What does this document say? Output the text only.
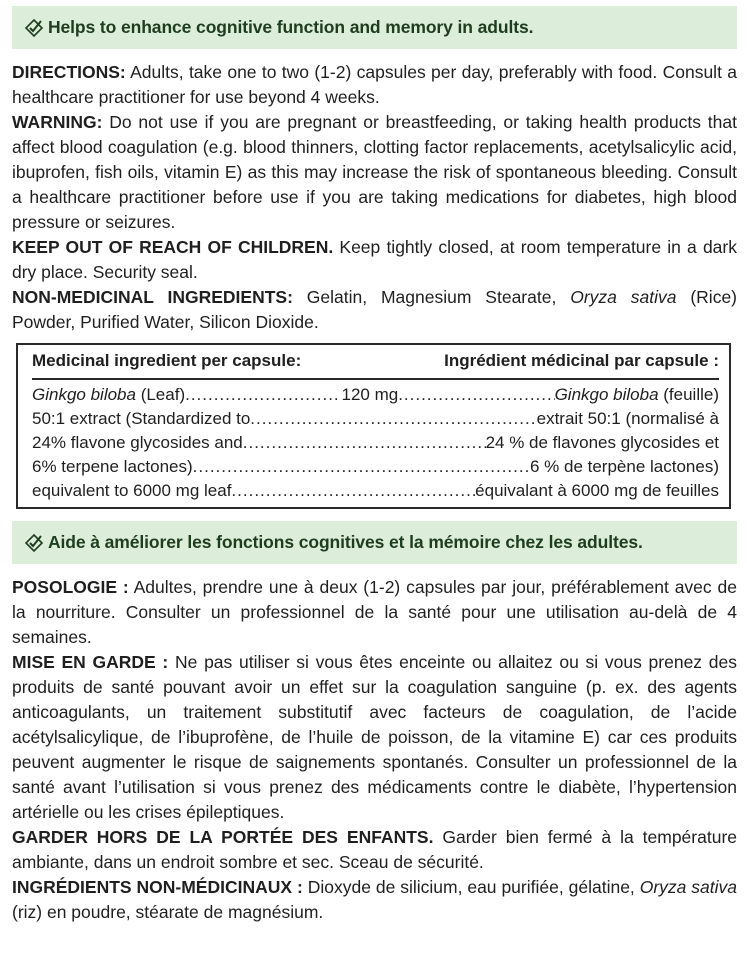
Helps to enhance cognitive function and memory in adults.

DIRECTIONS: Adults, take one to two (1-2) capsules per day, preferably with food. Consult a healthcare practitioner for use beyond 4 weeks.

WARNING: Do not use if you are pregnant or breastfeeding, or taking health products that affect blood coagulation (e.g. blood thinners, clotting factor replacements, acetylsalicylic acid, ibuprofen, fish oils, vitamin E) as this may increase the risk of spontaneous bleeding. Consult a healthcare practitioner before use if you are taking medications for diabetes, high blood pressure or seizures.

KEEP OUT OF REACH OF CHILDREN. Keep tightly closed, at room temperature in a dark dry place. Security seal.

NON-MEDICINAL INGREDIENTS: Gelatin, Magnesium Stearate, Oryza sativa (Rice) Powder, Purified Water, Silicon Dioxide.

Medicinal ingredient per capsule:	Ingrédient médicinal par capsule :
Ginkgo biloba (Leaf) .....	120 mg .....	Ginkgo biloba (feuille)
50:1 extract (Standardized to .....	extrait 50:1 (normalisé à
24% flavone glycosides and .....	24 % de flavones glycosides et
6% terpene lactones) .....	6 % de terpène lactones)
equivalent to 6000 mg leaf .....	équivalant à 6000 mg de feuilles
Aide à améliorer les fonctions cognitives et la mémoire chez les adultes.

POSOLOGIE : Adultes, prendre une à deux (1-2) capsules par jour, préférablement avec de la nourriture. Consulter un professionnel de la santé pour une utilisation au-delà de 4 semaines.

MISE EN GARDE : Ne pas utiliser si vous êtes enceinte ou allaitez ou si vous prenez des produits de santé pouvant avoir un effet sur la coagulation sanguine (p. ex. des agents anticoagulants, un traitement substitutif avec facteurs de coagulation, de l’acide acétylsalicylique, de l’ibuprofène, de l’huile de poisson, de la vitamine E) car ces produits peuvent augmenter le risque de saignements spontanés. Consulter un professionnel de la santé avant l’utilisation si vous prenez des médicaments contre le diabète, l’hypertension artérielle ou les crises épileptiques.

GARDER HORS DE LA PORTÉE DES ENFANTS. Garder bien fermé à la température ambiante, dans un endroit sombre et sec. Sceau de sécurité.

INGRÉDIENTS NON-MÉDICINAUX : Dioxyde de silicium, eau purifiée, gélatine, Oryza sativa (riz) en poudre, stéarate de magnésium.
